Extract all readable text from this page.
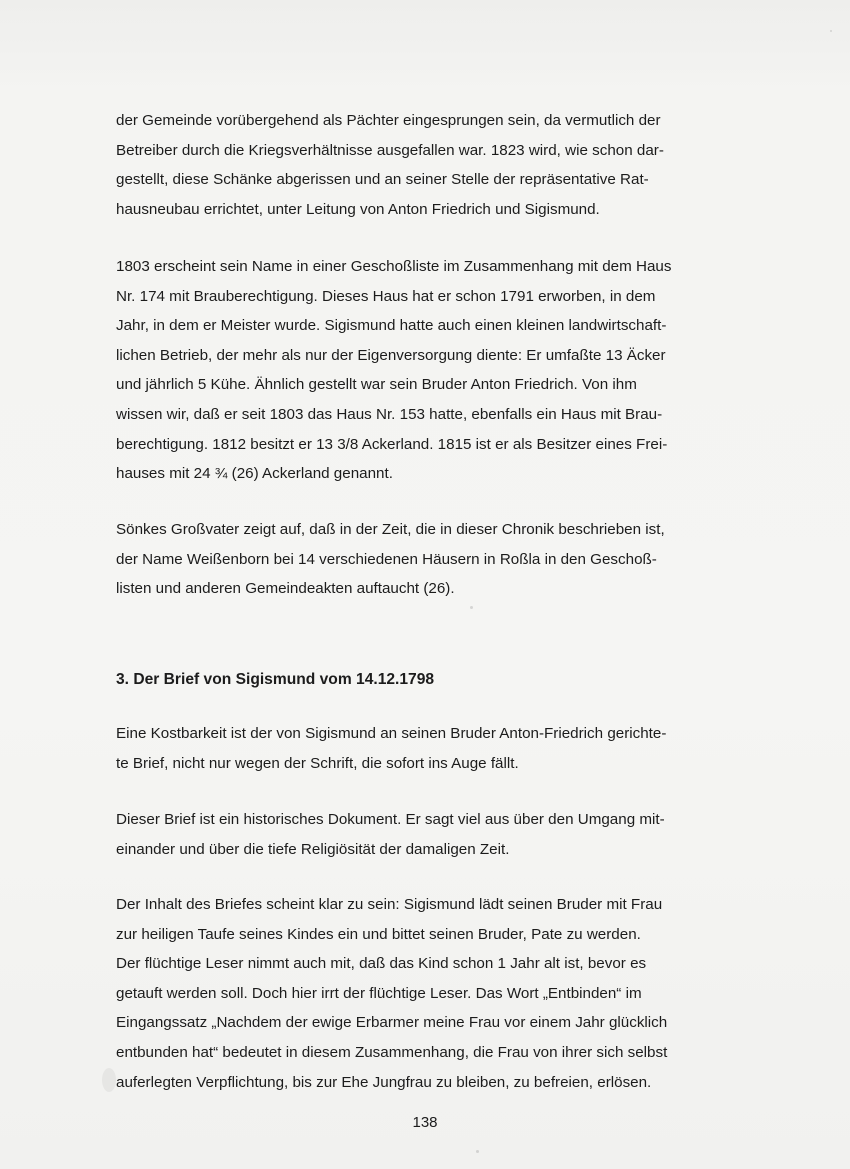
der Gemeinde vorübergehend als Pächter eingesprungen sein, da vermutlich der
Betreiber durch die Kriegsverhältnisse ausgefallen war. 1823 wird, wie schon dar-
gestellt, diese Schänke abgerissen und an seiner Stelle der repräsentative Rat-
hausneubau errichtet, unter Leitung von Anton Friedrich und Sigismund.
1803 erscheint sein Name in einer Geschoßliste im Zusammenhang mit dem Haus
Nr. 174 mit Brauberechtigung. Dieses Haus hat er schon 1791 erworben, in dem
Jahr, in dem er Meister wurde. Sigismund hatte auch einen kleinen landwirtschaft-
lichen Betrieb, der mehr als nur der Eigenversorgung diente: Er umfaßte 13 Äcker
und jährlich 5 Kühe. Ähnlich gestellt war sein Bruder Anton Friedrich. Von ihm
wissen wir, daß er seit 1803 das Haus Nr. 153 hatte, ebenfalls ein Haus mit Brau-
berechtigung. 1812 besitzt er 13 3/8 Ackerland. 1815 ist er als Besitzer eines Frei-
hauses mit 24 ¾ (26) Ackerland genannt.
Sönkes Großvater zeigt auf, daß in der Zeit, die in dieser Chronik beschrieben ist,
der Name Weißenborn bei 14 verschiedenen Häusern in Roßla in den Geschoß-
listen und anderen Gemeindeakten auftaucht (26).
3. Der Brief von Sigismund vom 14.12.1798
Eine Kostbarkeit ist der von Sigismund an seinen Bruder Anton-Friedrich gerichte-
te Brief, nicht nur wegen der Schrift, die sofort ins Auge fällt.
Dieser Brief ist ein historisches Dokument. Er sagt viel aus über den Umgang mit-
einander und über die tiefe Religiösität der damaligen Zeit.
Der Inhalt des Briefes scheint klar zu sein: Sigismund lädt seinen Bruder mit Frau
zur heiligen Taufe seines Kindes ein und bittet seinen Bruder, Pate zu werden.
Der flüchtige Leser nimmt auch mit, daß das Kind schon 1 Jahr alt ist, bevor es
getauft werden soll. Doch hier irrt der flüchtige Leser. Das Wort „Entbinden“ im
Eingangssatz „Nachdem der ewige Erbarmer meine Frau vor einem Jahr glücklich
entbunden hat“ bedeutet in diesem Zusammenhang, die Frau von ihrer sich selbst
auferlegten Verpflichtung, bis zur Ehe Jungfrau zu bleiben, zu befreien, erlösen.
138
